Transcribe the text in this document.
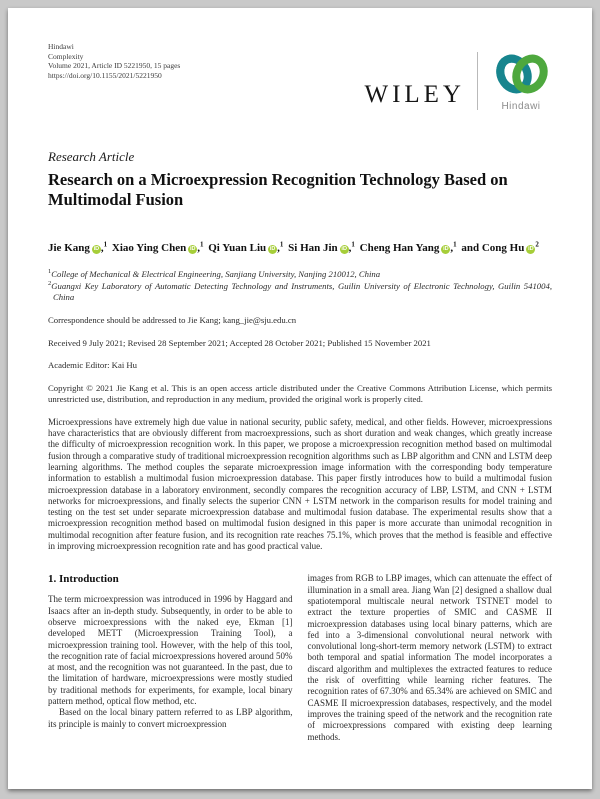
Hindawi
Complexity
Volume 2021, Article ID 5221950, 15 pages
https://doi.org/10.1155/2021/5221950
WILEY	Hindawi
Research Article
Research on a Microexpression Recognition Technology Based on Multimodal Fusion
Jie Kang iD ,$^1$ Xiao Ying Chen iD ,$^1$ Qi Yuan Liu iD ,$^1$ Si Han Jin iD ,$^1$ Cheng Han Yang iD ,$^1$ and Cong HuiD $^2$
$^1$College of Mechanical & Electrical Engineering, Sanjiang University, Nanjing 210012, China
$^2$Guangxi Key Laboratory of Automatic Detecting Technology and Instruments, Guilin University of Electronic Technology, Guilin 541004, China
Correspondence should be addressed to Jie Kang; kang_jie@sju.edu.cn
Received 9 July 2021; Revised 28 September 2021; Accepted 28 October 2021; Published 15 November 2021
Academic Editor: Kai Hu
Copyright © 2021 Jie Kang et al. This is an open access article distributed under the Creative Commons Attribution License, which permits unrestricted use, distribution, and reproduction in any medium, provided the original work is properly cited.
Microexpressions have extremely high due value in national security, public safety, medical, and other fields. However, microexpressions have characteristics that are obviously different from macroexpressions, such as short duration and weak changes, which greatly increase the difficulty of microexpression recognition work. In this paper, we propose a microexpression recognition method based on multimodal fusion through a comparative study of traditional microexpression recognition algorithms such as LBP algorithm and CNN and LSTM deep learning algorithms. The method couples the separate microexpression image information with the corresponding body temperature information to establish a multimodal fusion microexpression database. This paper firstly introduces how to build a multimodal fusion microexpression database in a laboratory environment, secondly compares the recognition accuracy of LBP, LSTM, and CNN + LSTM networks for microexpressions, and finally selects the superior CNN + LSTM network in the comparison results for model training and testing on the test set under separate microexpression database and multimodal fusion database. The experimental results show that a microexpression recognition method based on multimodal fusion designed in this paper is more accurate than unimodal recognition in multimodal recognition after feature fusion, and its recognition rate reaches 75.1%, which proves that the method is feasible and effective in improving microexpression recognition rate and has good practical value.
1. Introduction

The term microexpression was introduced in 1996 by Haggard and Isaacs after an in-depth study. Subsequently, in order to be able to observe microexpressions with the naked eye, Ekman [1] developed METT (Microexpression Training Tool), a microexpression training tool. However, with the help of this tool, the recognition rate of facial microexpressions hovered around 50% at most, and the recognition was not guaranteed. In the past, due to the limitation of hardware, microexpressions were mostly studied by traditional methods for experiments, for example, local binary pattern method, optical flow method, etc.

Based on the local binary pattern referred to as LBP algorithm, its principle is mainly to convert microexpression

images from RGB to LBP images, which can attenuate the effect of illumination in a small area. Jiang Wan [2] designed a shallow dual spatiotemporal multiscale neural network TSTNET model to extract the texture properties of SMIC and CASME II microexpression databases using local binary patterns, which are fed into a 3-dimensional convolutional neural network with convolutional long-short-term memory network (LSTM) to extract both temporal and spatial information The model incorporates a discard algorithm and multiplexes the extracted features to reduce the risk of overfitting while learning richer features. The recognition rates of 67.30% and 65.34% are achieved on SMIC and CASME II microexpression databases, respectively, and the model improves the training speed of the network and the recognition rate of microexpressions compared with existing deep learning methods.
